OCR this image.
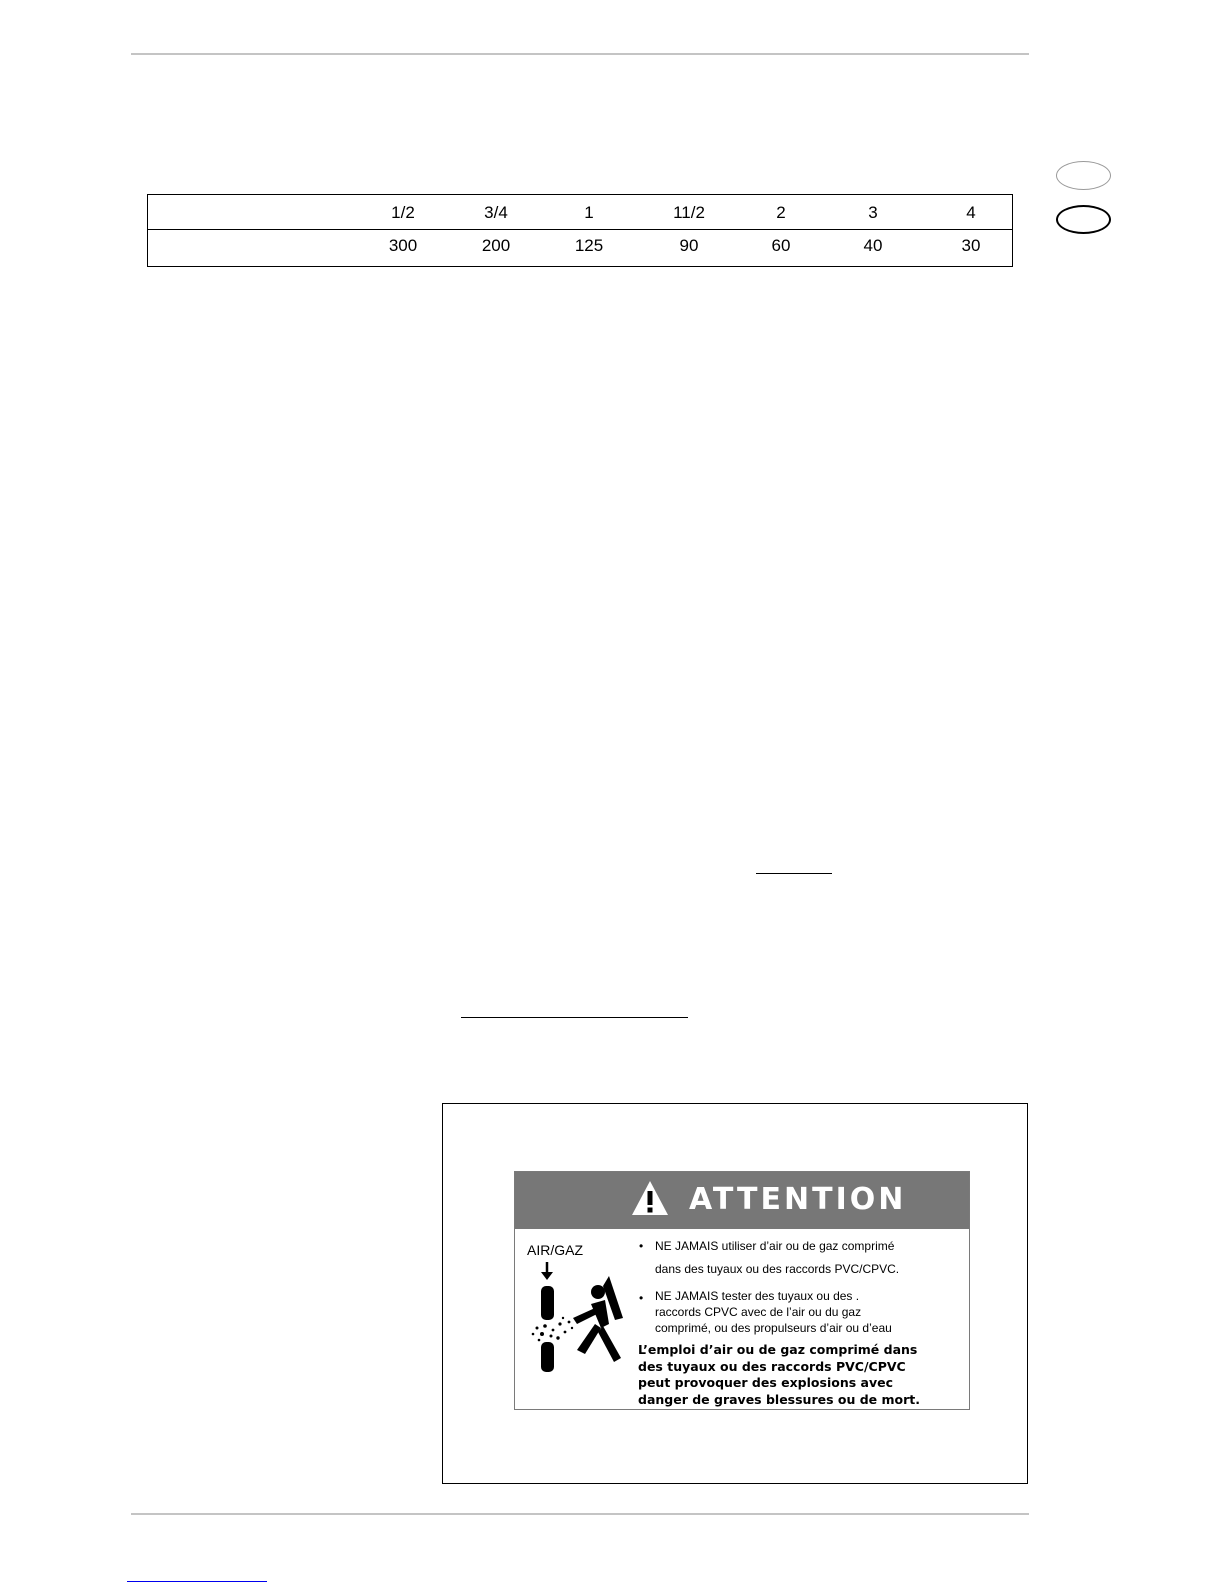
1/2	3/4	1	11/2	2	3	4
300	200	125	90	60	40	30
ATTENTION
AIR/GAZ	• NE JAMAIS utiliser d’air ou de gaz comprimé
dans des tuyaux ou des raccords PVC/CPVC.
• NE JAMAIS tester des tuyaux ou des .
raccords CPVC avec de l’air ou du gaz
comprimé, ou des propulseurs d’air ou d’eau
L’emploi d’air ou de gaz comprimé dans
des tuyaux ou des raccords PVC/CPVC
peut provoquer des explosions avec
danger de graves blessures ou de mort.
